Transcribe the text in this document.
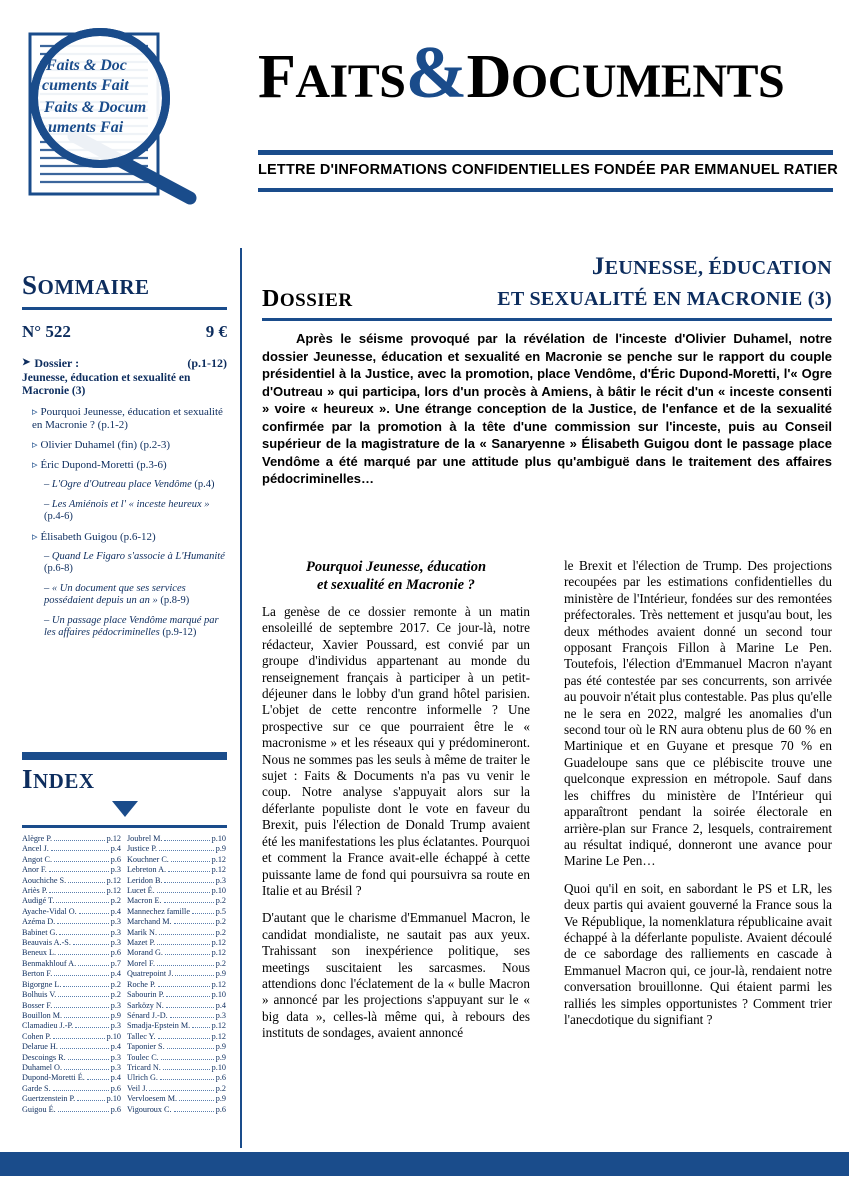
Faits & Doc
cuments Fait
Faits & Docum
uments Fai
FAITS&DOCUMENTS
LETTRE D'INFORMATIONS CONFIDENTIELLES FONDÉE PAR EMMANUEL RATIER
SOMMAIRE
N° 522	9 €
➤ Dossier :	(p.1-12)
Jeunesse, éducation et sexualité en Macronie (3)
▹ Pourquoi Jeunesse, éducation et sexualité en Macronie ? (p.1-2)
▹ Olivier Duhamel (fin) (p.2-3)
▹ Éric Dupond-Moretti (p.3-6)
– L'Ogre d'Outreau place Vendôme (p.4)
– Les Amiénois et l' « inceste heureux » (p.4-6)
▹ Élisabeth Guigou (p.6-12)
– Quand Le Figaro s'associe à L'Humanité (p.6-8)
– « Un document que ses services possédaient depuis un an » (p.8-9)
– Un passage place Vendôme marqué par les affaires pédocriminelles (p.9-12)
INDEX
Alègre P.	p.12
Ancel J.	p.4
Angot C.	p.6
Anor F.	p.3
Aouchiche S.	p.12
Ariès P.	p.12
Audigé T.	p.2
Ayache-Vidal O.	p.4
Azéma D.	p.3
Babinet G.	p.3
Beauvais A.-S.	p.3
Beneux L.	p.6
Benmakhlouf A.	p.7
Berton F.	p.4
Bigorgne L.	p.2
Bolhuis V.	p.2
Bosser F.	p.3
Bouillon M.	p.9
Clamadieu J.-P.	p.3
Cohen P.	p.10
Delarue H.	p.4
Descoings R.	p.3
Duhamel O.	p.3
Dupond-Moretti É.	p.4
Garde S.	p.6
Guertzenstein P.	p.10
Guigou É.	p.6
Joubrel M.	p.10
Justice P.	p.9
Kouchner C.	p.12
Lebreton A.	p.12
Leridon B.	p.3
Lucet É.	p.10
Macron E.	p.2
Mannechez famille	p.5
Marchand M.	p.2
Marik N.	p.2
Mazet P.	p.12
Morand G.	p.12
Morel F.	p.2
Quatrepoint J.	p.9
Roche P.	p.12
Sabourin P.	p.10
Sarközy N.	p.4
Sénard J.-D.	p.3
Smadja-Epstein M.	p.12
Tallec Y.	p.12
Taponier S.	p.9
Toulec C.	p.9
Tricard N.	p.10
Ulrich G.	p.6
Veil J.	p.2
Vervloesem M.	p.9
Vigouroux C.	p.6
JEUNESSE, ÉDUCATION
ET SEXUALITÉ EN MACRONIE (3)
DOSSIER
Après le séisme provoqué par la révélation de l'inceste d'Olivier Duhamel, notre dossier Jeunesse, éducation et sexualité en Macronie se penche sur le rapport du couple présidentiel à la Justice, avec la promotion, place Vendôme, d'Éric Dupond-Moretti, l'« Ogre d'Outreau » qui participa, lors d'un procès à Amiens, à bâtir le récit d'un « inceste consenti » voire « heureux ». Une étrange conception de la Justice, de l'enfance et de la sexualité confirmée par la promotion à la tête d'une commission sur l'inceste, puis au Conseil supérieur de la magistrature de la « Sanaryenne » Élisabeth Guigou dont le passage place Vendôme a été marqué par une attitude plus qu'ambiguë dans le traitement des affaires pédocriminelles…
Pourquoi Jeunesse, éducation
et sexualité en Macronie ?

La genèse de ce dossier remonte à un matin ensoleillé de septembre 2017. Ce jour-là, notre rédacteur, Xavier Poussard, est convié par un groupe d'individus appartenant au monde du renseignement français à participer à un petit-déjeuner dans le lobby d'un grand hôtel parisien. L'objet de cette rencontre informelle ? Une prospective sur ce que pourraient être le « macronisme » et les réseaux qui y prédomineront. Nous ne sommes pas les seuls à même de traiter le sujet : Faits & Documents n'a pas vu venir le coup. Notre analyse s'appuyait alors sur la déferlante populiste dont le vote en faveur du Brexit, puis l'élection de Donald Trump avaient été les manifestations les plus éclatantes. Pourquoi et comment la France avait-elle échappé à cette puissante lame de fond qui poursuivra sa route en Italie et au Brésil ?

D'autant que le charisme d'Emmanuel Macron, le candidat mondialiste, ne sautait pas aux yeux. Trahissant son inexpérience politique, ses meetings suscitaient les sarcasmes. Nous attendions donc l'éclatement de la « bulle Macron » annoncé par les projections s'appuyant sur le « big data », celles-là même qui, à rebours des instituts de sondages, avaient annoncé

le Brexit et l'élection de Trump. Des projections recoupées par les estimations confidentielles du ministère de l'Intérieur, fondées sur des remontées préfectorales. Très nettement et jusqu'au bout, les deux méthodes avaient donné un second tour opposant François Fillon à Marine Le Pen. Toutefois, l'élection d'Emmanuel Macron n'ayant pas été contestée par ses concurrents, son arrivée au pouvoir n'était plus contestable. Pas plus qu'elle ne le sera en 2022, malgré les anomalies d'un second tour où le RN aura obtenu plus de 60 % en Martinique et en Guyane et presque 70 % en Guadeloupe sans que ce plébiscite trouve une quelconque expression en métropole. Sauf dans les chiffres du ministère de l'Intérieur qui apparaîtront pendant la soirée électorale en arrière-plan sur France 2, lesquels, contrairement au résultat indiqué, donneront une avance pour Marine Le Pen…

Quoi qu'il en soit, en sabordant le PS et LR, les deux partis qui avaient gouverné la France sous la Ve République, la nomenklatura républicaine avait échappé à la déferlante populiste. Avaient découlé de ce sabordage des ralliements en cascade à Emmanuel Macron qui, ce jour-là, rendaient notre conversation brouillonne. Qui étaient parmi les ralliés les simples opportunistes ? Comment trier l'anecdotique du signifiant ?
